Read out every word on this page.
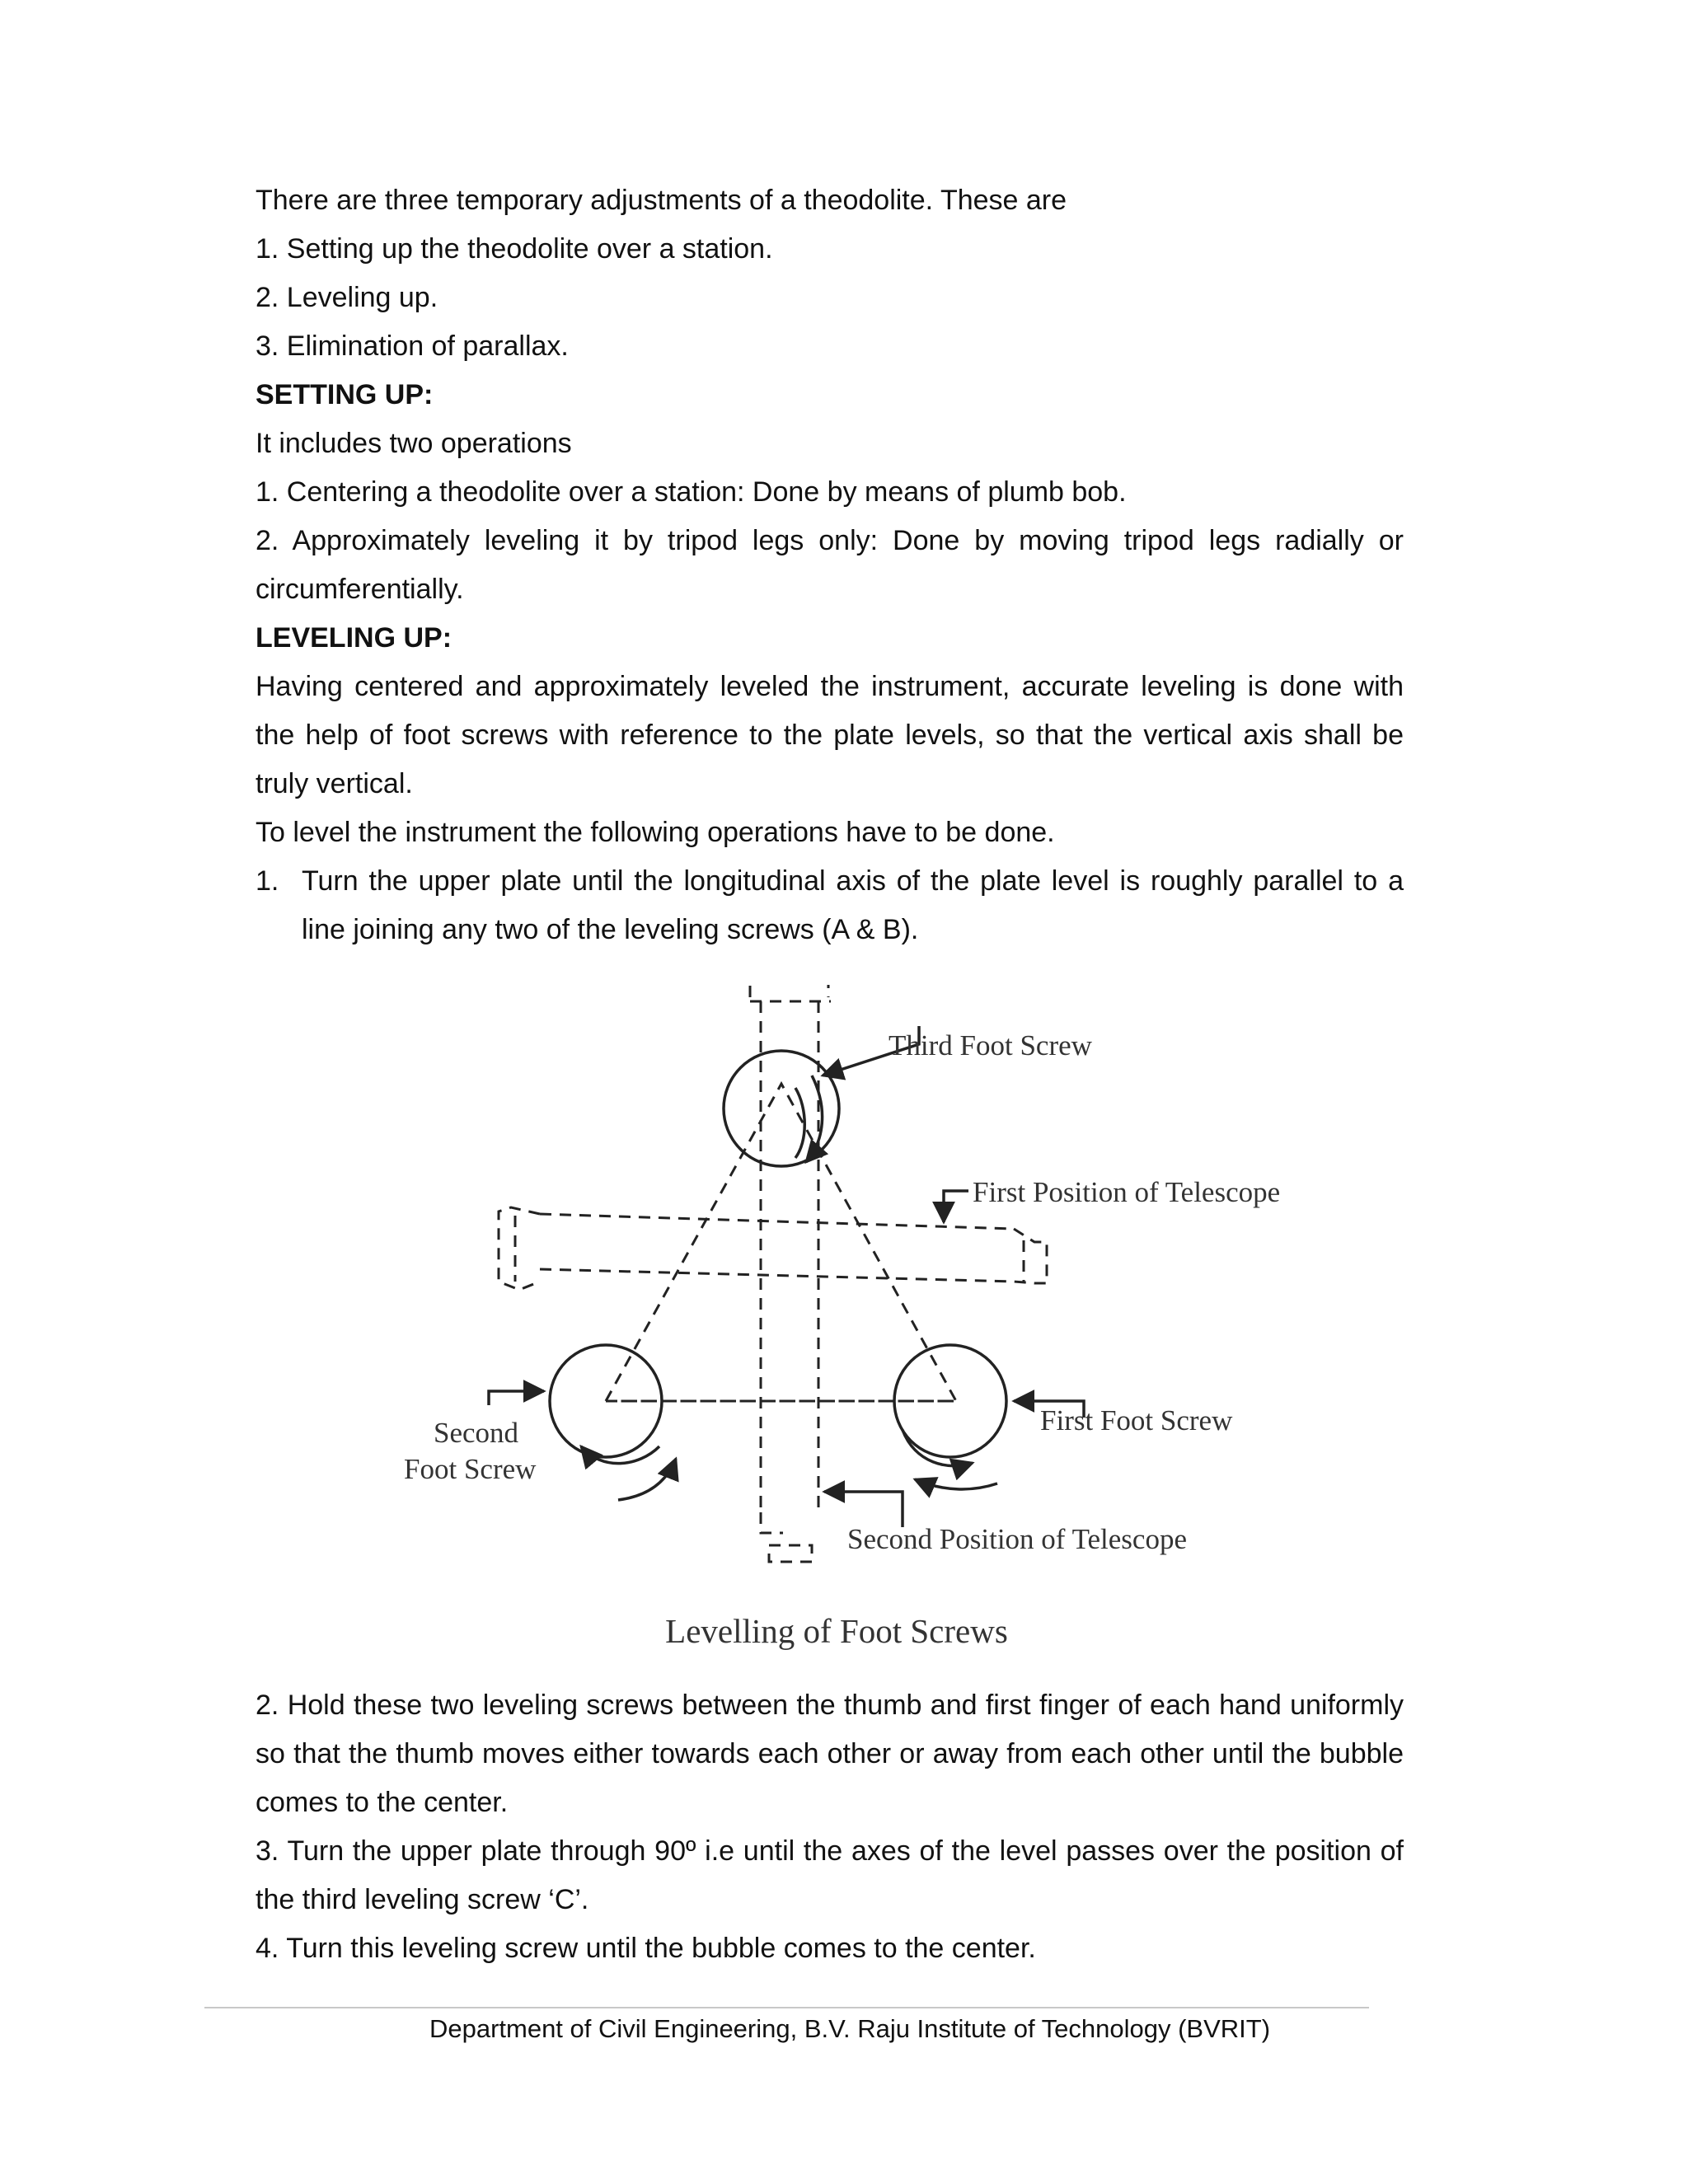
There are three temporary adjustments of a theodolite. These are
1. Setting up the theodolite over a station.
2. Leveling up.
3. Elimination of parallax.
SETTING UP:
It includes two operations
1. Centering a theodolite over a station: Done by means of plumb bob.
2. Approximately leveling it by tripod legs only: Done by moving tripod legs radially or
circumferentially.
LEVELING UP:
Having centered and approximately leveled the instrument, accurate leveling is done with
the help of foot screws with reference to the plate levels, so that the vertical axis shall be
truly vertical.
To level the instrument the following operations have to be done.
1. Turn the upper plate until the longitudinal axis of the plate level is roughly parallel to a
line joining any two of the leveling screws (A & B).
Third Foot Screw
First Position of Telescope
Second
Foot Screw
First Foot Screw
Second Position of Telescope
Levelling of Foot Screws
2. Hold these two leveling screws between the thumb and first finger of each hand uniformly
so that the thumb moves either towards each other or away from each other until the bubble
comes to the center.
3. Turn the upper plate through 90º i.e until the axes of the level passes over the position of
the third leveling screw ‘C’.
4. Turn this leveling screw until the bubble comes to the center.
Department of Civil Engineering, B.V. Raju Institute of Technology (BVRIT)
